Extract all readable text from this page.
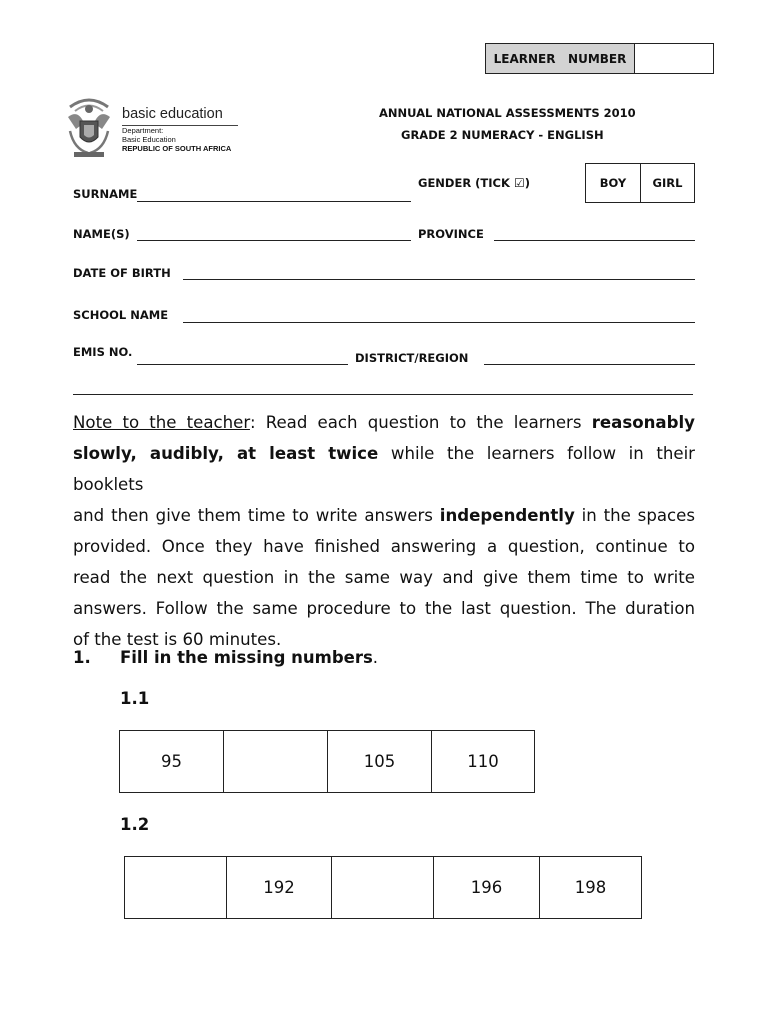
LEARNER   NUMBER
basic education
Department:
Basic Education
REPUBLIC OF SOUTH AFRICA
ANNUAL NATIONAL ASSESSMENTS 2010
GRADE 2 NUMERACY - ENGLISH
GENDER (TICK ☑)	BOY	GIRL
SURNAME
NAME(S)	PROVINCE
DATE OF BIRTH
SCHOOL NAME
EMIS NO.	DISTRICT/REGION
Note to the teacher: Read each question to the learners reasonably
slowly, audibly, at least twice while the learners follow in their booklets
and then give them time to write answers independently in the spaces
provided. Once they have finished answering a question, continue to
read the next question in the same way and give them time to write
answers. Follow the same procedure to the last question. The duration
of the test is 60 minutes.
1. Fill in the missing numbers.
1.1
95		105	110
1.2
	192		196	198
